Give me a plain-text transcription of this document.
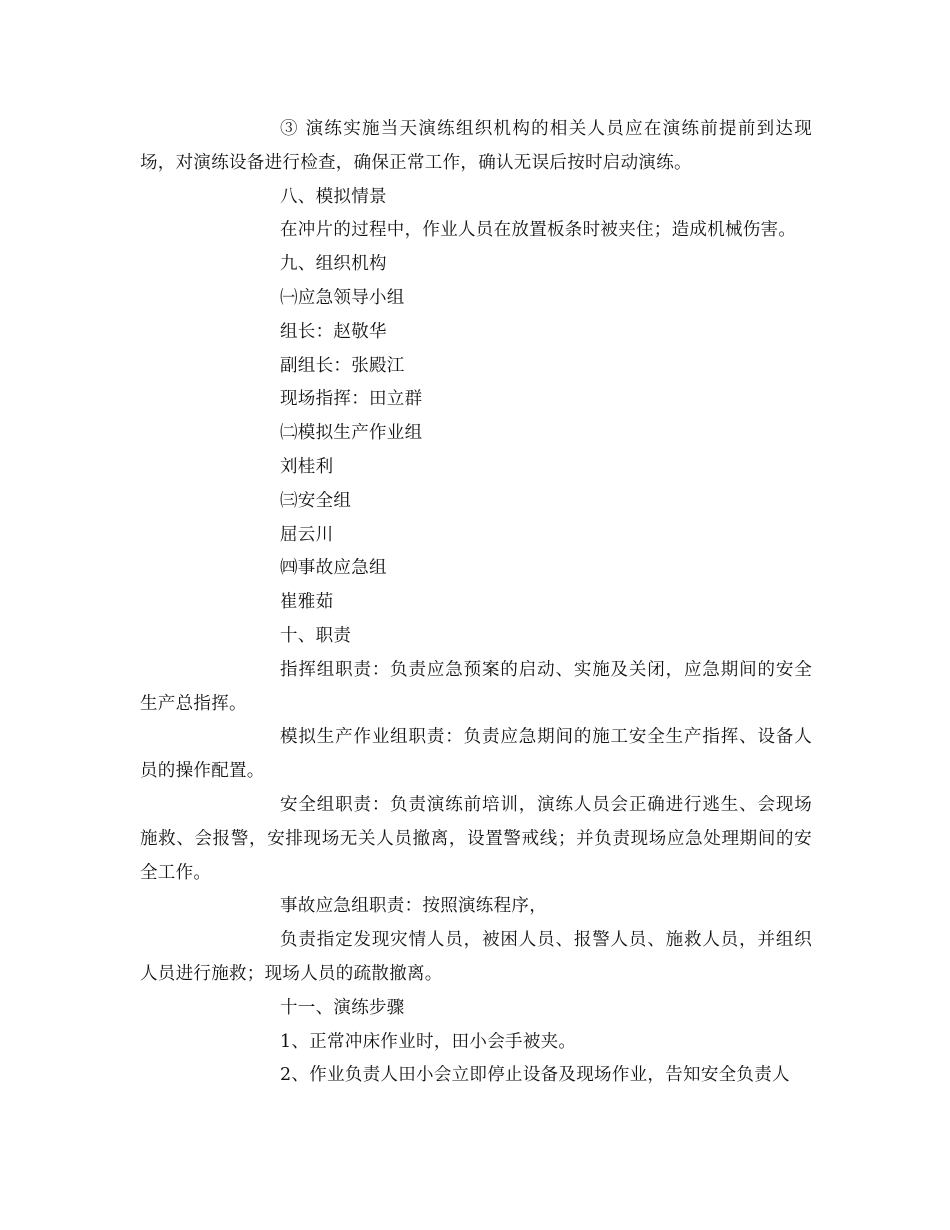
③ 演练实施当天演练组织机构的相关人员应在演练前提前到达现场，对演练设备进行检查，确保正常工作，确认无误后按时启动演练。

八、模拟情景

在冲片的过程中，作业人员在放置板条时被夹住；造成机械伤害。

九、组织机构

㈠应急领导小组

组长：赵敬华

副组长：张殿江

现场指挥：田立群

㈡模拟生产作业组

刘桂利

㈢安全组

屈云川

㈣事故应急组

崔雅茹

十、职责

指挥组职责：负责应急预案的启动、实施及关闭，应急期间的安全生产总指挥。

模拟生产作业组职责：负责应急期间的施工安全生产指挥、设备人员的操作配置。

安全组职责：负责演练前培训，演练人员会正确进行逃生、会现场施救、会报警，安排现场无关人员撤离，设置警戒线；并负责现场应急处理期间的安全工作。

事故应急组职责：按照演练程序，

负责指定发现灾情人员，被困人员、报警人员、施救人员，并组织人员进行施救；现场人员的疏散撤离。

十一、演练步骤

1、正常冲床作业时，田小会手被夹。

2、作业负责人田小会立即停止设备及现场作业，告知安全负责人
